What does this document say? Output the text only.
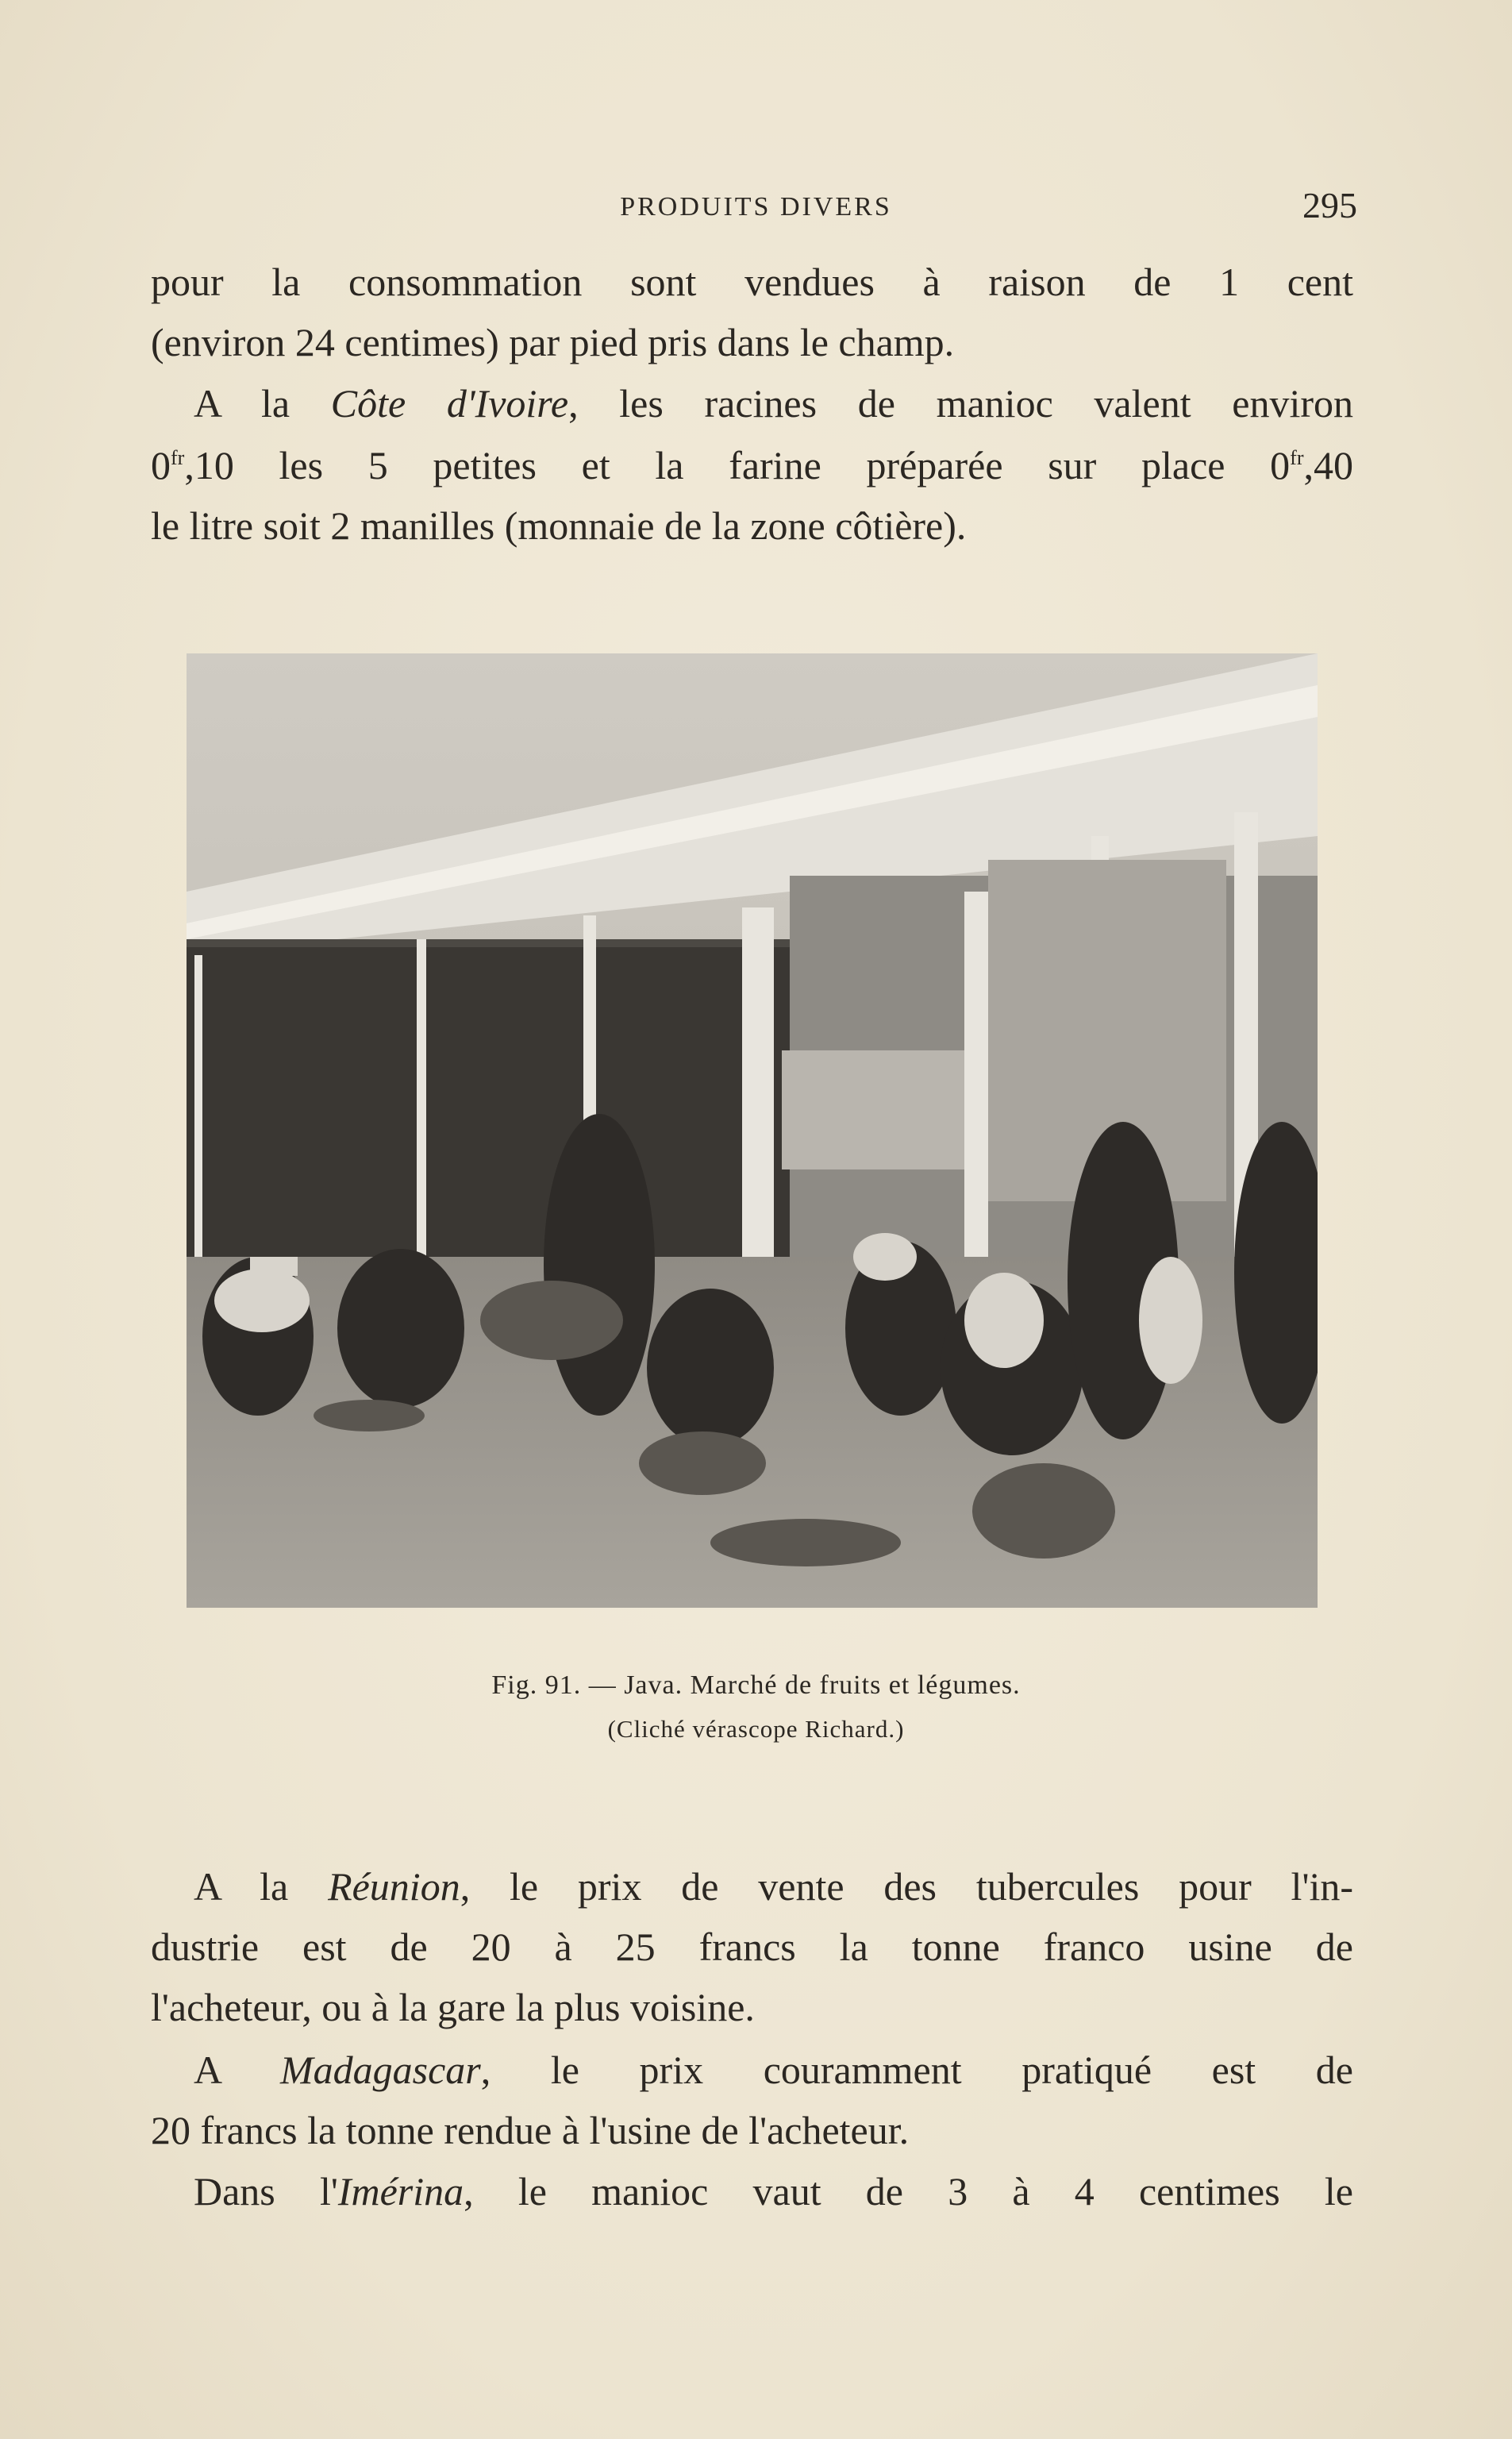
PRODUITS DIVERS	295
pour la consommation sont vendues à raison de 1 cent
(environ 24 centimes) par pied pris dans le champ.
A la Côte d'Ivoire, les racines de manioc valent environ
$0^{fr},10$ les 5 petites et la farine préparée sur place $0^{fr},40$
le litre soit 2 manilles (monnaie de la zone côtière).
Fig. 91. — Java. Marché de fruits et légumes.
(Cliché vérascope Richard.)
A la Réunion, le prix de vente des tubercules pour l'in-
dustrie est de 20 à 25 francs la tonne franco usine de
l'acheteur, ou à la gare la plus voisine.
A Madagascar, le prix couramment pratiqué est de
20 francs la tonne rendue à l'usine de l'acheteur.
Dans l'Imérina, le manioc vaut de 3 à 4 centimes le
